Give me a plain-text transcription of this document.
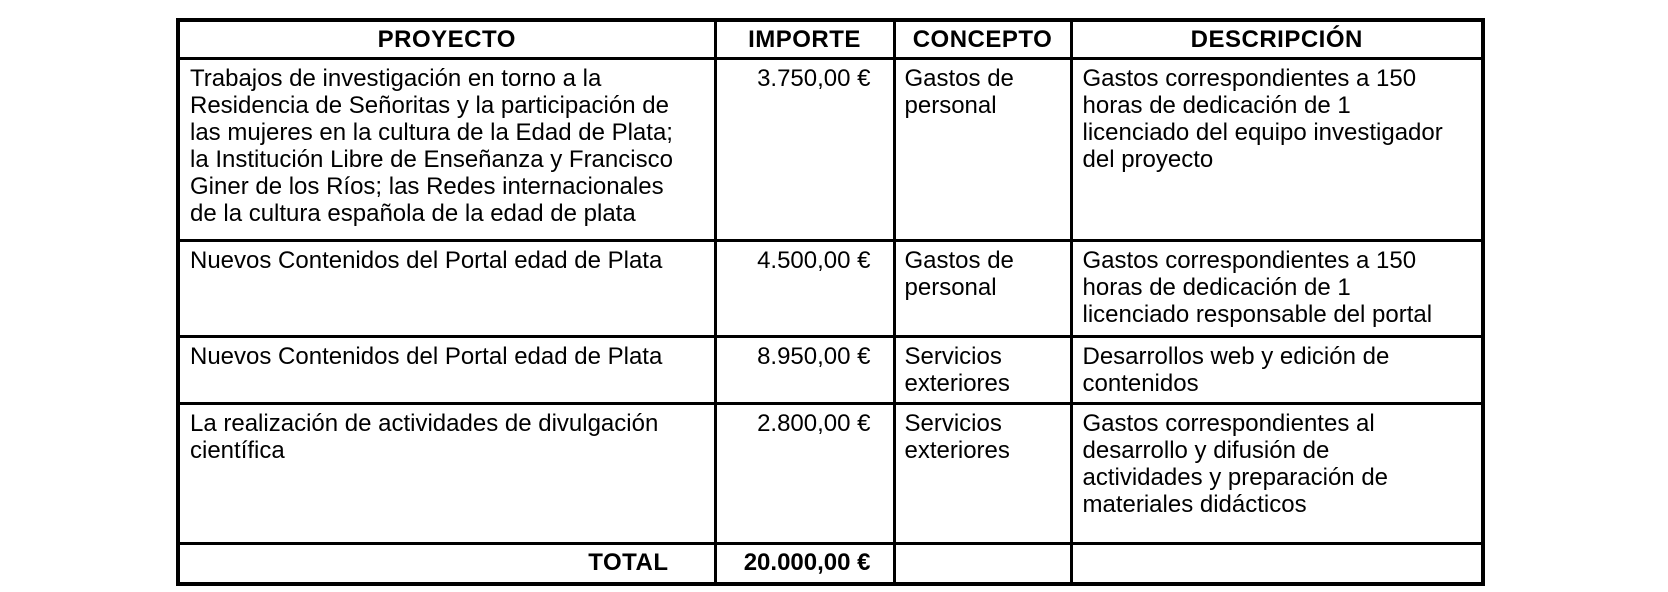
PROYECTO	IMPORTE	CONCEPTO	DESCRIPCIÓN
Trabajos de investigación en torno a la Residencia de Señoritas y la participación de las mujeres en la cultura de la Edad de Plata; la Institución Libre de Enseñanza y Francisco Giner de los Ríos; las Redes internacionales de la cultura española de la edad de plata	3.750,00 €	Gastos de personal	Gastos correspondientes a 150 horas de dedicación de 1 licenciado del equipo investigador del proyecto
Nuevos Contenidos del Portal edad de Plata	4.500,00 €	Gastos de personal	Gastos correspondientes a 150 horas de dedicación de 1 licenciado responsable del portal
Nuevos Contenidos del Portal edad de Plata	8.950,00 €	Servicios exteriores	Desarrollos web y edición de contenidos
La realización de actividades de divulgación científica	2.800,00 €	Servicios exteriores	Gastos correspondientes al desarrollo y difusión de actividades y preparación de materiales didácticos
TOTAL	20.000,00 €		
